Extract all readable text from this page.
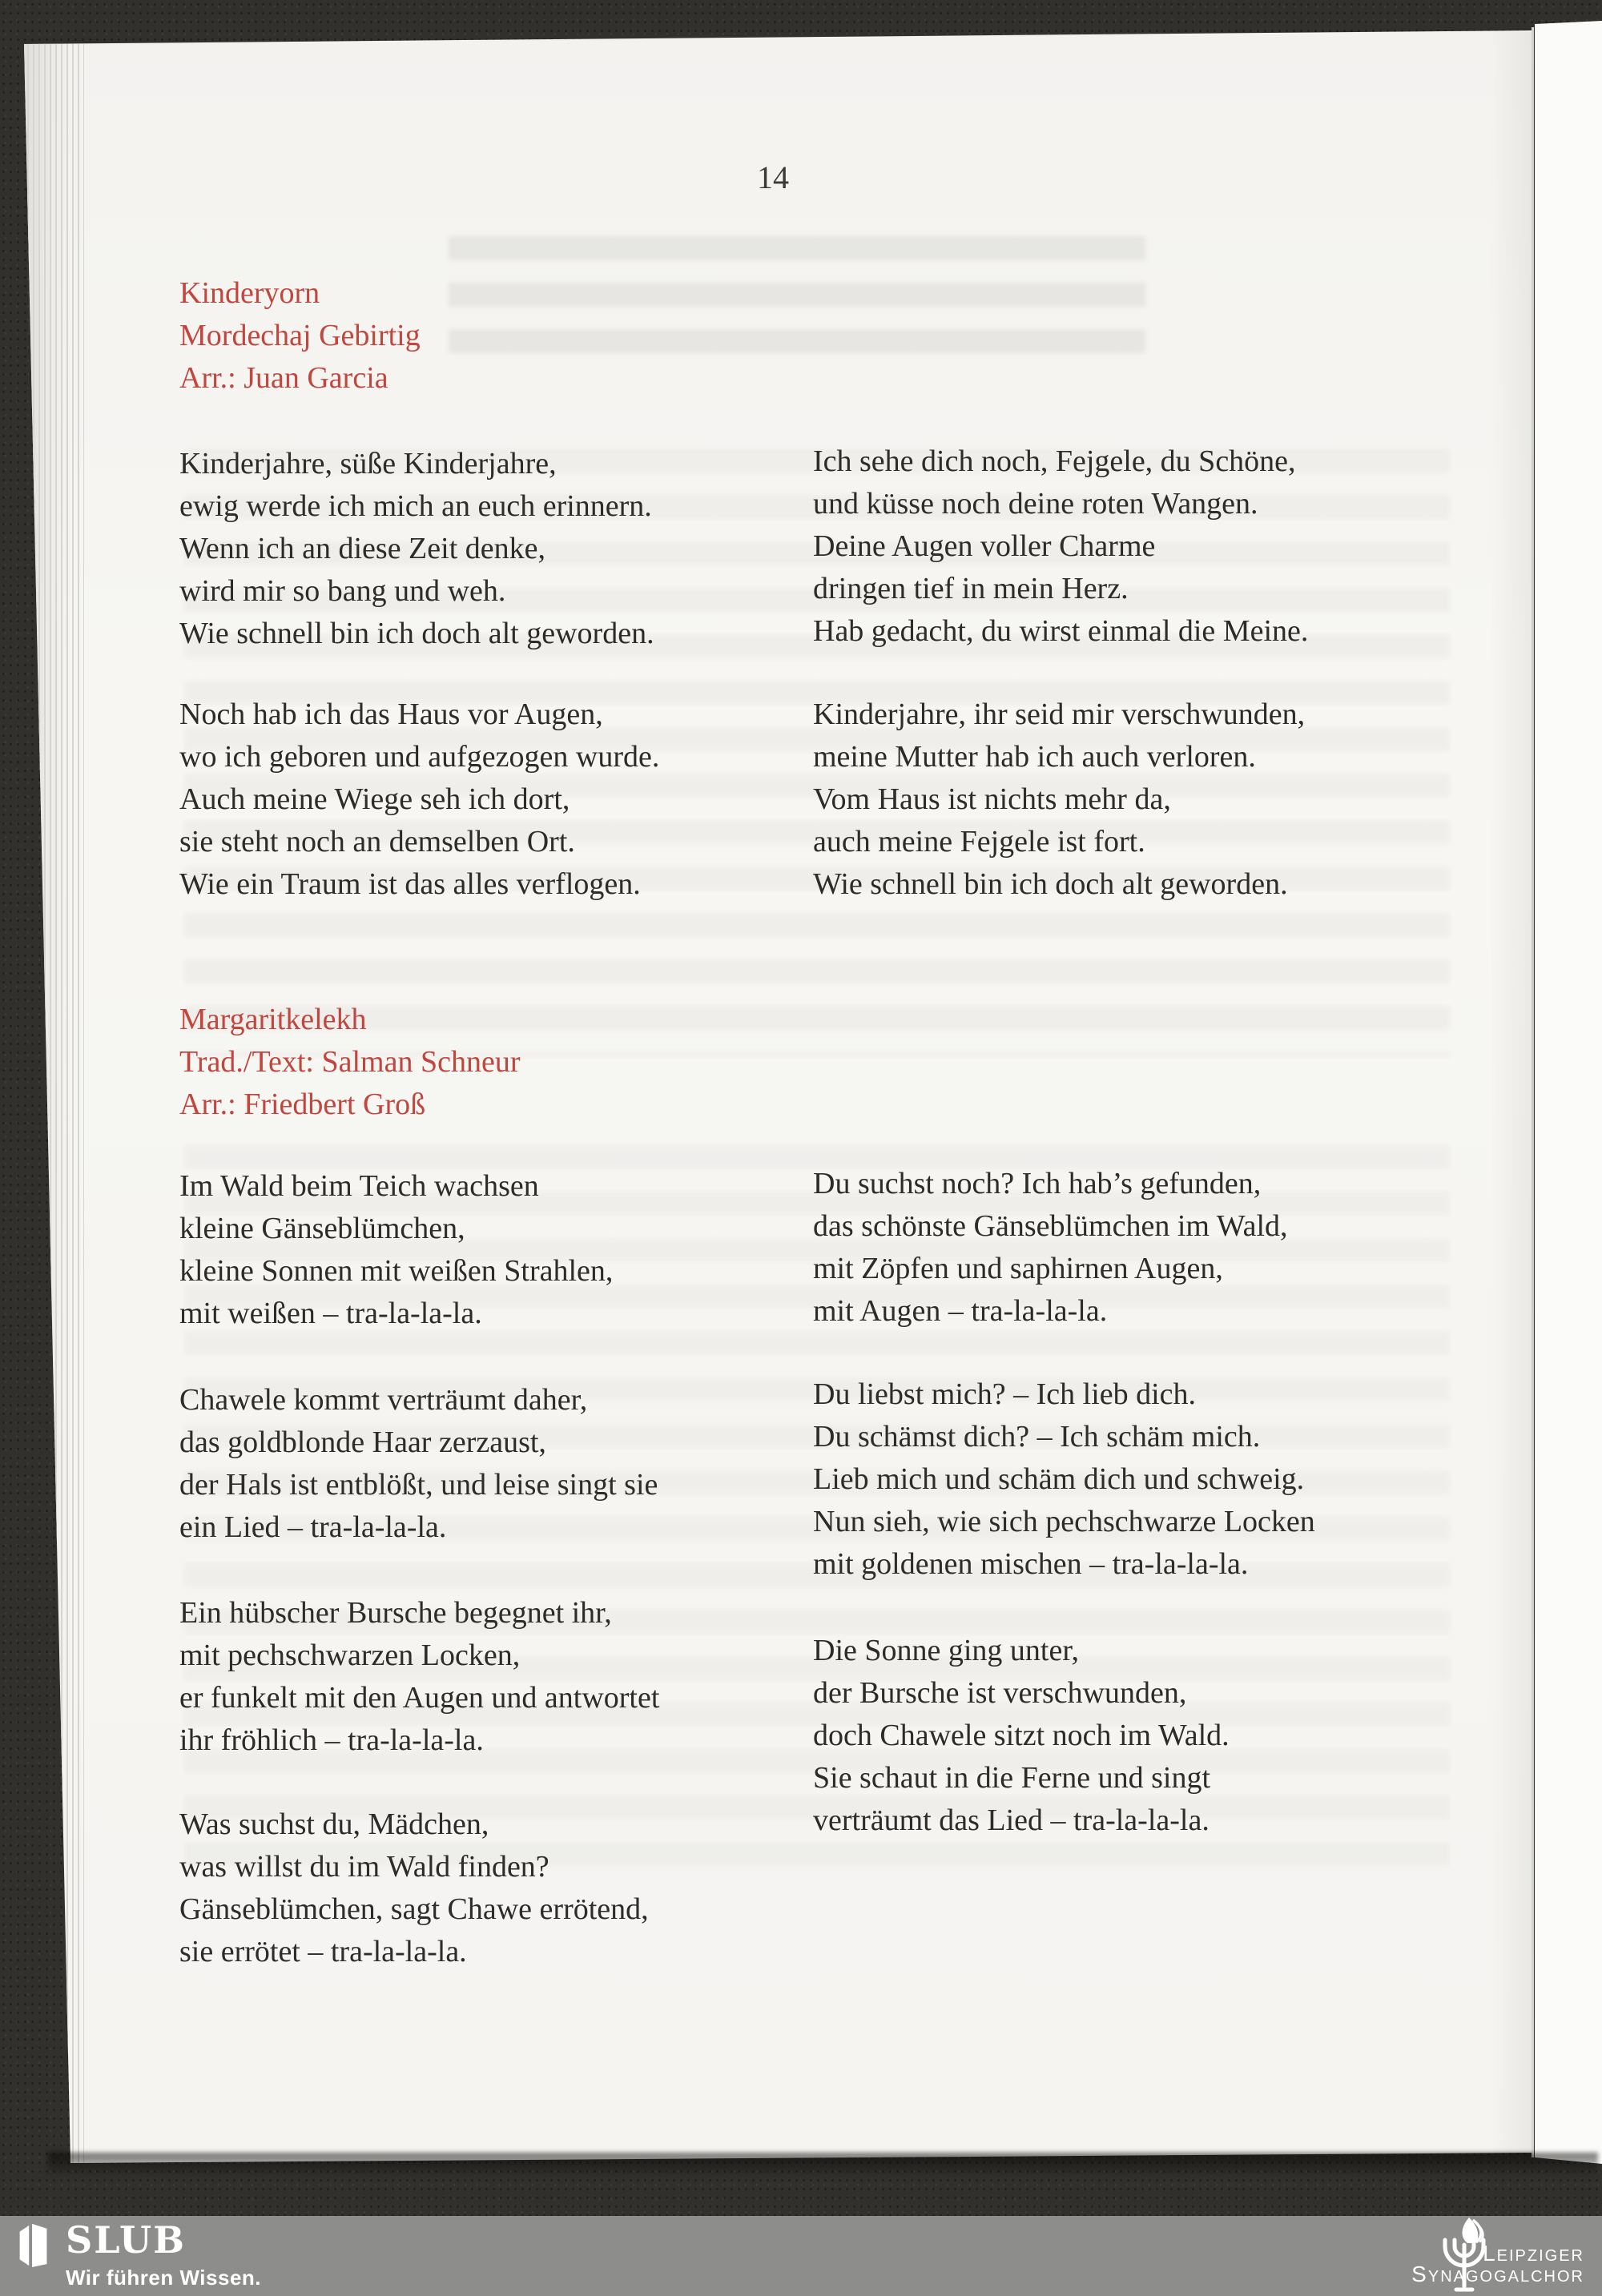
14
Kinderyorn
Mordechaj Gebirtig
Arr.: Juan Garcia
Kinderjahre, süße Kinderjahre,
ewig werde ich mich an euch erinnern.
Wenn ich an diese Zeit denke,
wird mir so bang und weh.
Wie schnell bin ich doch alt geworden.
Noch hab ich das Haus vor Augen,
wo ich geboren und aufgezogen wurde.
Auch meine Wiege seh ich dort,
sie steht noch an demselben Ort.
Wie ein Traum ist das alles verflogen.
Ich sehe dich noch, Fejgele, du Schöne,
und küsse noch deine roten Wangen.
Deine Augen voller Charme
dringen tief in mein Herz.
Hab gedacht, du wirst einmal die Meine.
Kinderjahre, ihr seid mir verschwunden,
meine Mutter hab ich auch verloren.
Vom Haus ist nichts mehr da,
auch meine Fejgele ist fort.
Wie schnell bin ich doch alt geworden.
Margaritkelekh
Trad./Text: Salman Schneur
Arr.: Friedbert Groß
Im Wald beim Teich wachsen
kleine Gänseblümchen,
kleine Sonnen mit weißen Strahlen,
mit weißen – tra-la-la-la.
Chawele kommt verträumt daher,
das goldblonde Haar zerzaust,
der Hals ist entblößt, und leise singt sie
ein Lied – tra-la-la-la.
Ein hübscher Bursche begegnet ihr,
mit pechschwarzen Locken,
er funkelt mit den Augen und antwortet
ihr fröhlich – tra-la-la-la.
Was suchst du, Mädchen,
was willst du im Wald finden?
Gänseblümchen, sagt Chawe errötend,
sie errötet – tra-la-la-la.
Du suchst noch? Ich hab’s gefunden,
das schönste Gänseblümchen im Wald,
mit Zöpfen und saphirnen Augen,
mit Augen – tra-la-la-la.
Du liebst mich? – Ich lieb dich.
Du schämst dich? – Ich schäm mich.
Lieb mich und schäm dich und schweig.
Nun sieh, wie sich pechschwarze Locken
mit goldenen mischen – tra-la-la-la.
Die Sonne ging unter,
der Bursche ist verschwunden,
doch Chawele sitzt noch im Wald.
Sie schaut in die Ferne und singt
verträumt das Lied – tra-la-la-la.
SLUB
Wir führen Wissen.
Leipziger
Synagogalchor
